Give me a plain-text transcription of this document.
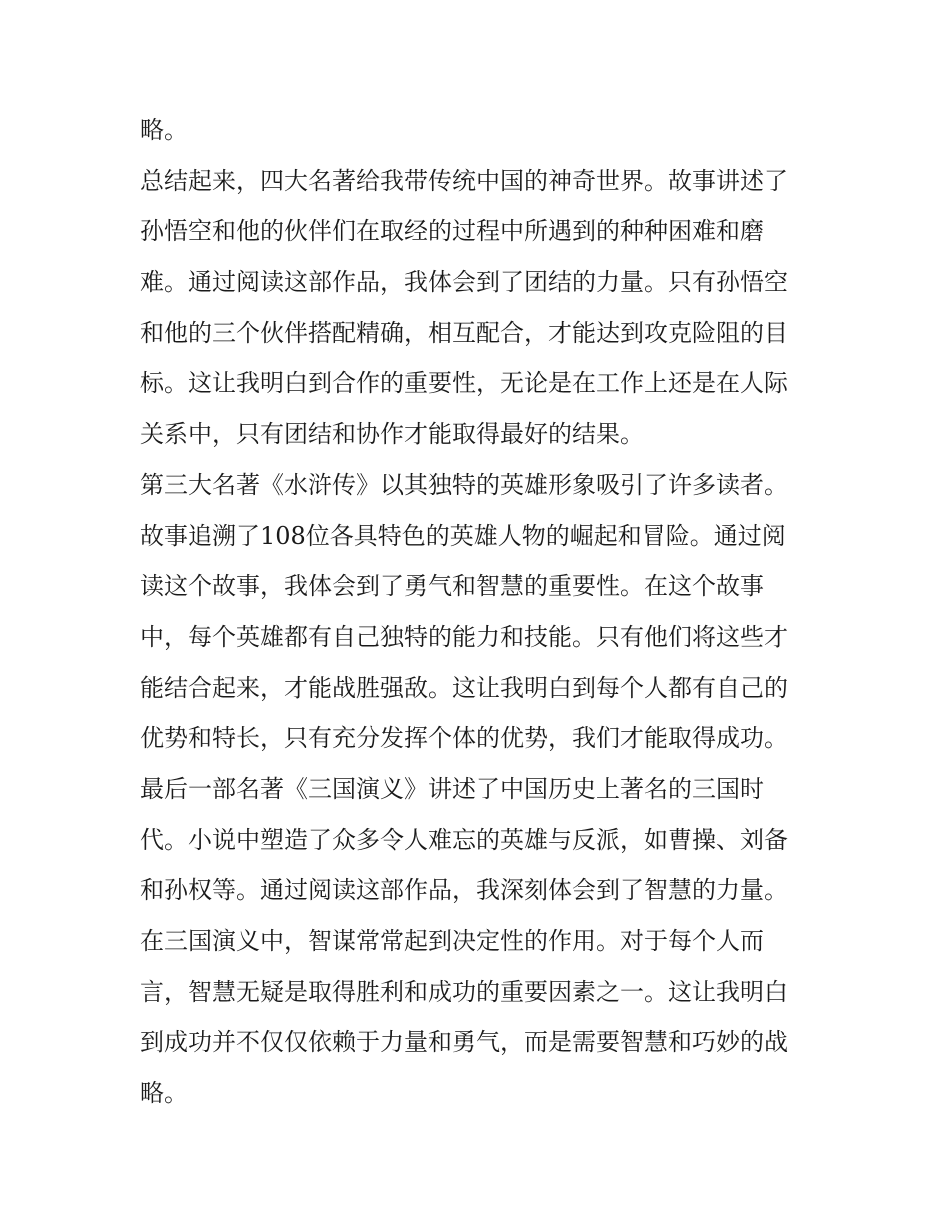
略。
总结起来，四大名著给我带传统中国的神奇世界。故事讲述了
孙悟空和他的伙伴们在取经的过程中所遇到的种种困难和磨
难。通过阅读这部作品，我体会到了团结的力量。只有孙悟空
和他的三个伙伴搭配精确，相互配合，才能达到攻克险阻的目
标。这让我明白到合作的重要性，无论是在工作上还是在人际
关系中，只有团结和协作才能取得最好的结果。
第三大名著《水浒传》以其独特的英雄形象吸引了许多读者。
故事追溯了108位各具特色的英雄人物的崛起和冒险。通过阅
读这个故事，我体会到了勇气和智慧的重要性。在这个故事
中，每个英雄都有自己独特的能力和技能。只有他们将这些才
能结合起来，才能战胜强敌。这让我明白到每个人都有自己的
优势和特长，只有充分发挥个体的优势，我们才能取得成功。
最后一部名著《三国演义》讲述了中国历史上著名的三国时
代。小说中塑造了众多令人难忘的英雄与反派，如曹操、刘备
和孙权等。通过阅读这部作品，我深刻体会到了智慧的力量。
在三国演义中，智谋常常起到决定性的作用。对于每个人而
言，智慧无疑是取得胜利和成功的重要因素之一。这让我明白
到成功并不仅仅依赖于力量和勇气，而是需要智慧和巧妙的战
略。
